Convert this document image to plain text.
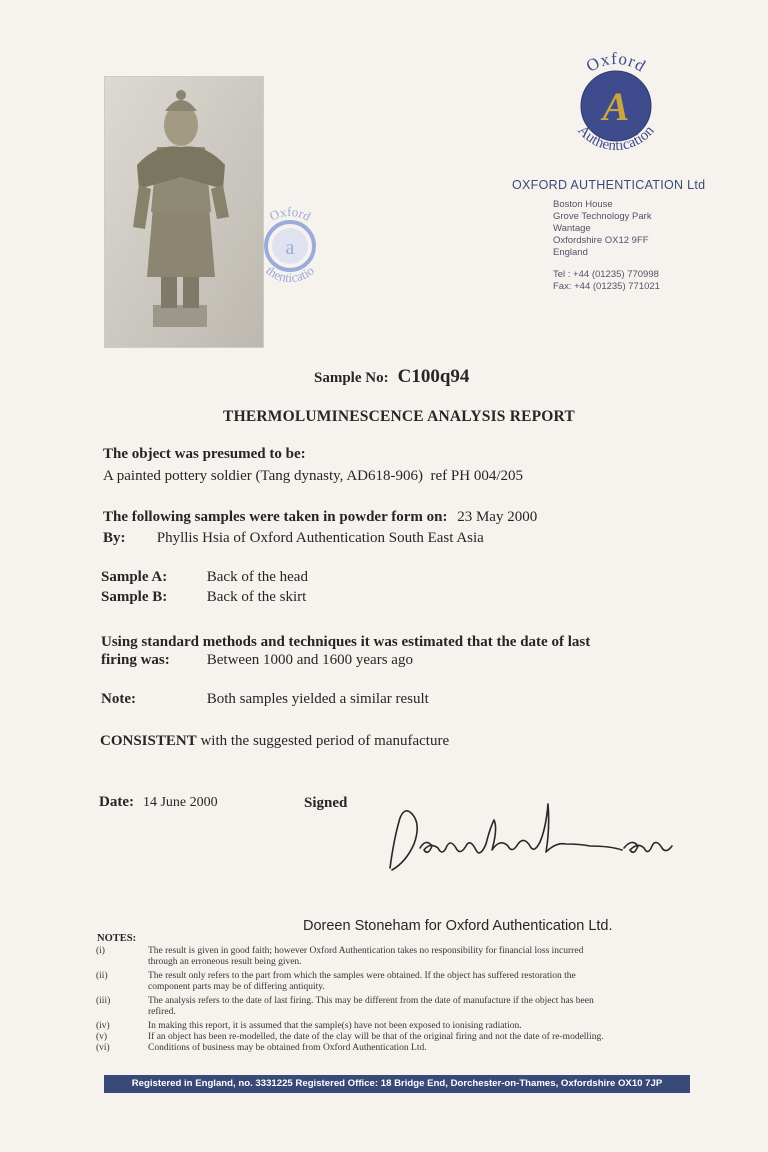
a
Oxford
thenticatio
A
Oxford
Authentication
OXFORD AUTHENTICATION Ltd
Boston House
Grove Technology Park
Wantage
Oxfordshire OX12 9FF
England
Tel : +44 (01235) 770998
Fax: +44 (01235) 771021
Sample No: C100q94
THERMOLUMINESCENCE ANALYSIS REPORT
The object was presumed to be:
A painted pottery soldier (Tang dynasty, AD618-906)  ref PH 004/205
The following samples were taken in powder form on: 23 May 2000
By: Phyllis Hsia of Oxford Authentication South East Asia
Sample A:	Back of the head
Sample B:	Back of the skirt
Using standard methods and techniques it was estimated that the date of last
firing was: Between 1000 and 1600 years ago
Note:	Both samples yielded a similar result
CONSISTENT with the suggested period of manufacture
Date: 14 June 2000	Signed
Doreen Stoneham for Oxford Authentication Ltd.
NOTES:
(i)	The result is given in good faith; however Oxford Authentication takes no responsibility for financial loss incurred
through an erroneous result being given.
(ii)	The result only refers to the part from which the samples were obtained. If the object has suffered restoration the
component parts may be of differing antiquity.
(iii)	The analysis refers to the date of last firing. This may be different from the date of manufacture if the object has been
refired.
(iv)	In making this report, it is assumed that the sample(s) have not been exposed to ionising radiation.
(v)	If an object has been re-modelled, the date of the clay will be that of the original firing and not the date of re-modelling.
(vi)	Conditions of business may be obtained from Oxford Authentication Ltd.
Registered in England, no. 3331225 Registered Office: 18 Bridge End, Dorchester-on-Thames, Oxfordshire OX10 7JP
